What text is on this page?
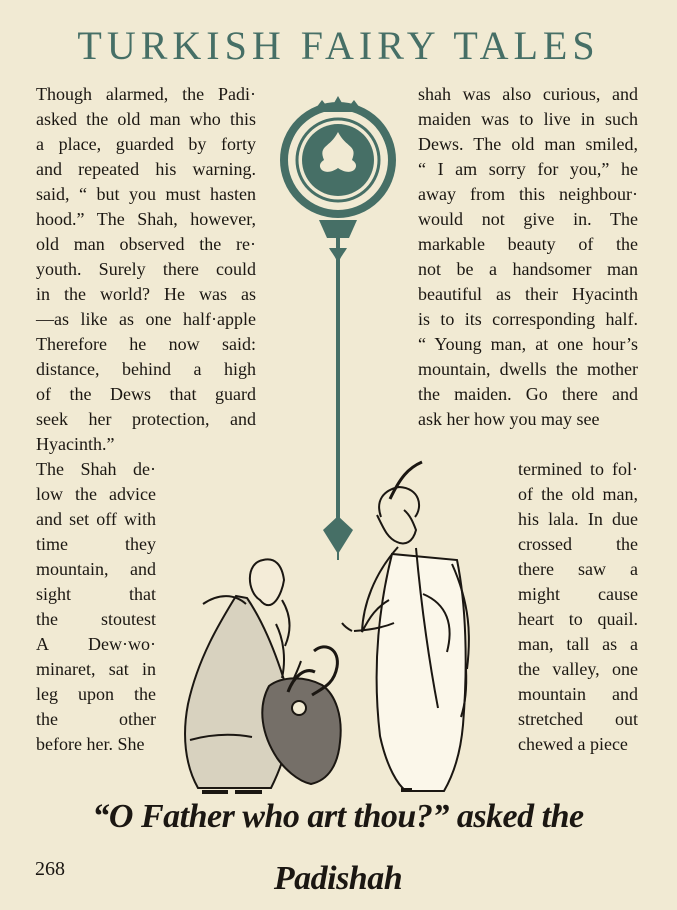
TURKISH FAIRY TALES
Though alarmed, the Padi·
asked the old man who this
a place, guarded by forty
and repeated his warning.
said, “ but you must hasten
hood.” The Shah, however,
old man observed the re·
youth. Surely there could
in the world? He was as
—as like as one half·apple
Therefore he now said:
distance, behind a high
of the Dews that guard
seek her protection, and
Hyacinth.”
shah was also curious, and
maiden was to live in such
Dews. The old man smiled,
“ I am sorry for you,” he
away from this neighbour·
would not give in. The
markable beauty of the
not be a handsomer man
beautiful as their Hyacinth
is to its corresponding half.
“ Young man, at one hour’s
mountain, dwells the mother
the maiden. Go there and
ask her how you may see
The Shah de·
low the advice
and set off with
time they
mountain, and
sight that
the stoutest
A Dew·wo·
minaret, sat in
leg upon the
the other
before her. She
termined to fol·
of the old man,
his lala. In due
crossed the
there saw a
might cause
heart to quail.
man, tall as a
the valley, one
mountain and
stretched out
chewed a piece
“O Father who art thou?” asked the Padishah
268
